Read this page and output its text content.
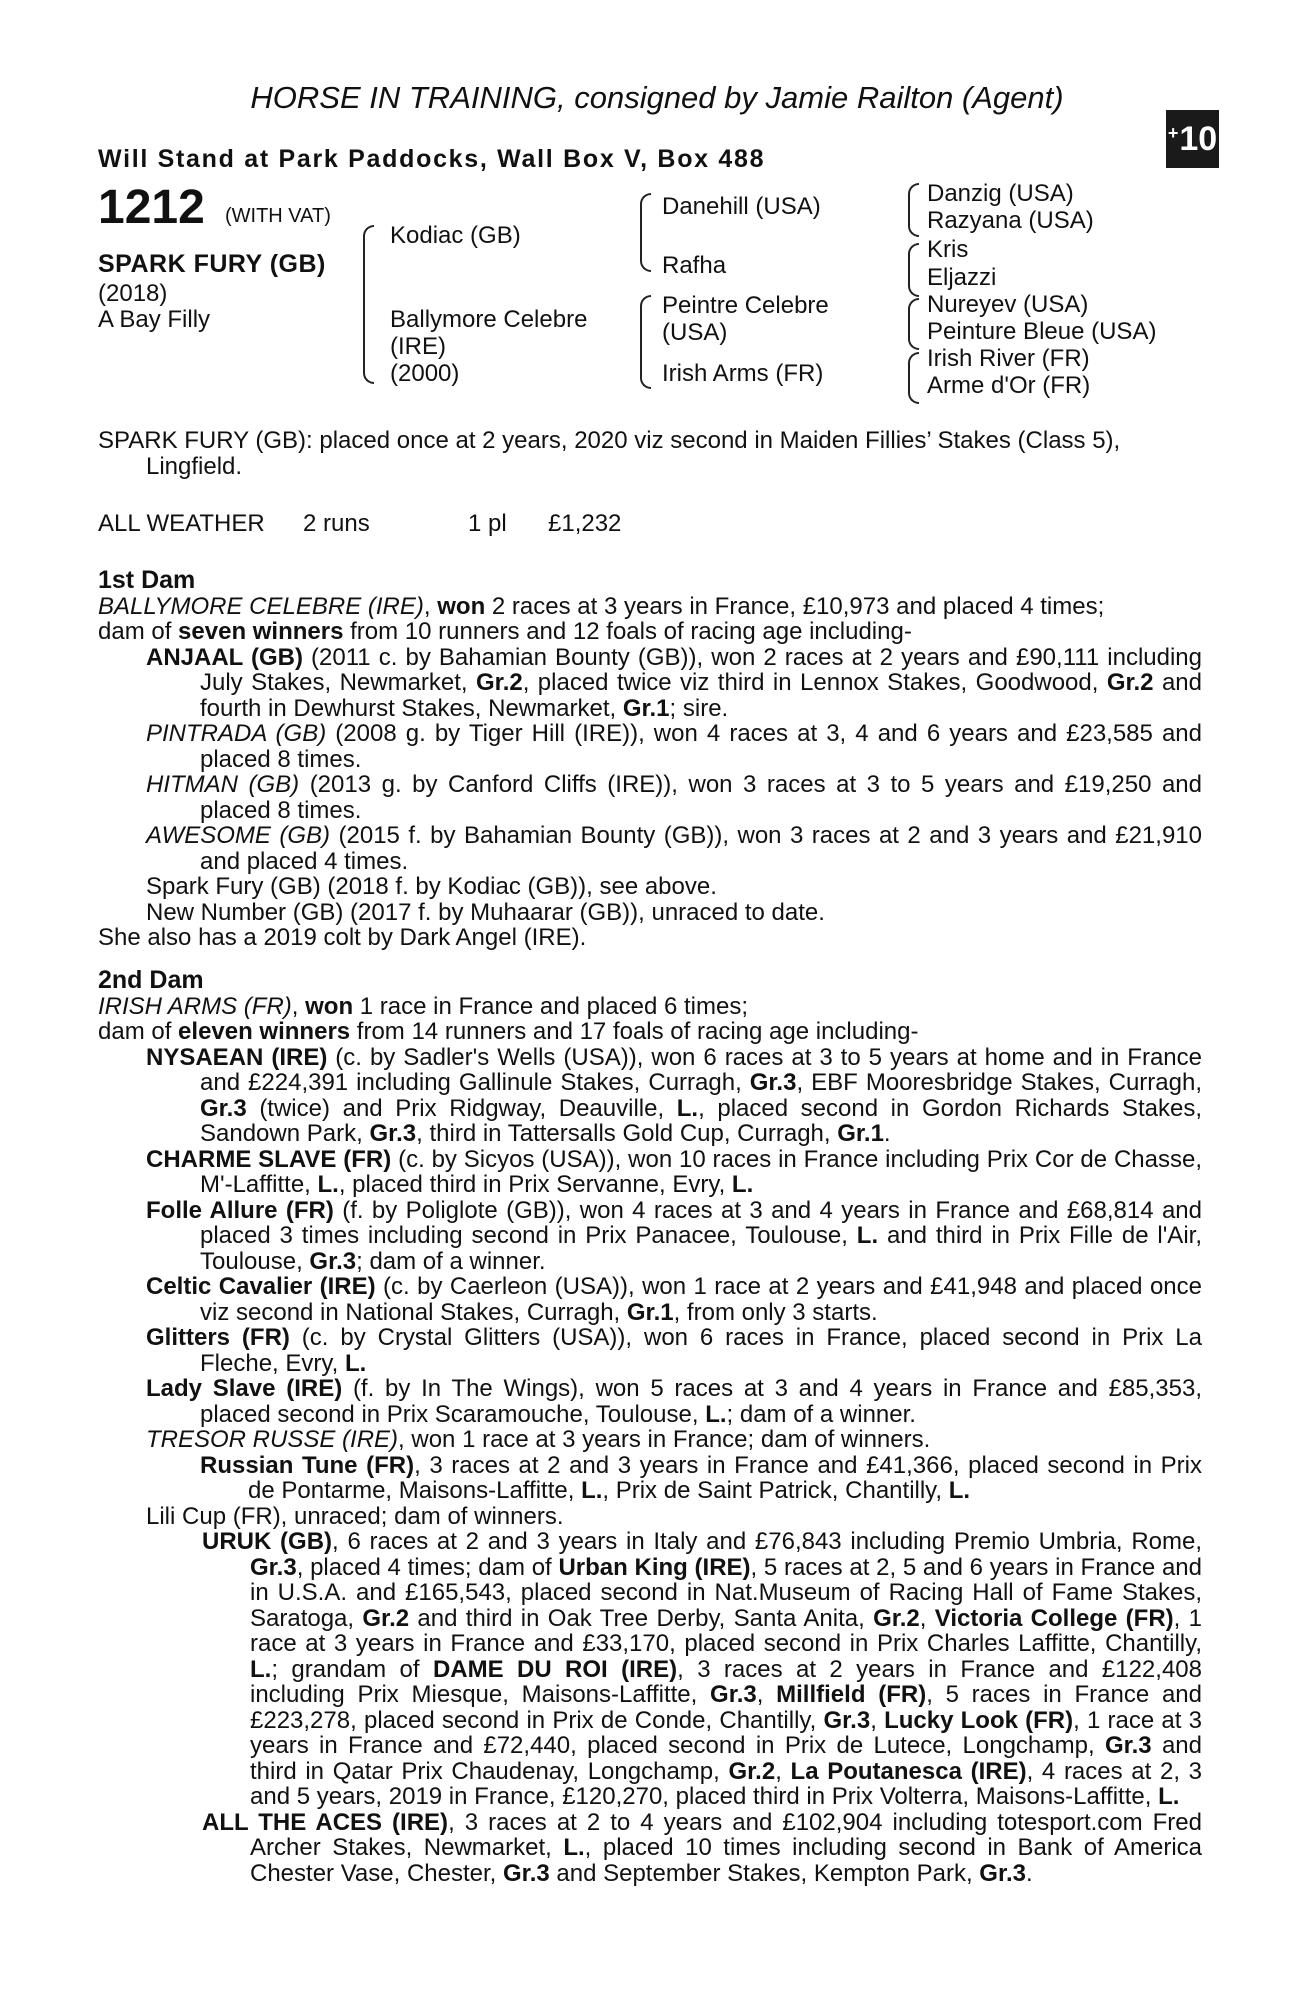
HORSE IN TRAINING, consigned by Jamie Railton (Agent)
+ 10
Will Stand at Park Paddocks, Wall Box V, Box 488
1212 (WITH VAT)
SPARK FURY (GB)
(2018)
A Bay Filly
Kodiac (GB)
Ballymore Celebre
(IRE)
(2000)
Danehill (USA)
Rafha
Peintre Celebre
(USA)
Irish Arms (FR)
Danzig (USA)
Razyana (USA)
Kris
Eljazzi
Nureyev (USA)
Peinture Bleue (USA)
Irish River (FR)
Arme d'Or (FR)
SPARK FURY (GB): placed once at 2 years, 2020 viz second in Maiden Fillies’ Stakes (Class 5),
Lingfield.
ALL WEATHER 2 runs	1 pl £1,232
1st Dam
BALLYMORE CELEBRE (IRE), won 2 races at 3 years in France, £10,973 and placed 4 times;
dam of seven winners from 10 runners and 12 foals of racing age including-
ANJAAL (GB) (2011 c. by Bahamian Bounty (GB)), won 2 races at 2 years and £90,111 including July Stakes, Newmarket, Gr.2, placed twice viz third in Lennox Stakes, Goodwood, Gr.2 and fourth in Dewhurst Stakes, Newmarket, Gr.1; sire.
PINTRADA (GB) (2008 g. by Tiger Hill (IRE)), won 4 races at 3, 4 and 6 years and £23,585 and placed 8 times.
HITMAN (GB) (2013 g. by Canford Cliffs (IRE)), won 3 races at 3 to 5 years and £19,250 and placed 8 times.
AWESOME (GB) (2015 f. by Bahamian Bounty (GB)), won 3 races at 2 and 3 years and £21,910 and placed 4 times.
Spark Fury (GB) (2018 f. by Kodiac (GB)), see above.
New Number (GB) (2017 f. by Muhaarar (GB)), unraced to date.
She also has a 2019 colt by Dark Angel (IRE).
2nd Dam
IRISH ARMS (FR), won 1 race in France and placed 6 times;
dam of eleven winners from 14 runners and 17 foals of racing age including-
NYSAEAN (IRE) (c. by Sadler's Wells (USA)), won 6 races at 3 to 5 years at home and in France and £224,391 including Gallinule Stakes, Curragh, Gr.3, EBF Mooresbridge Stakes, Curragh, Gr.3 (twice) and Prix Ridgway, Deauville, L., placed second in Gordon Richards Stakes, Sandown Park, Gr.3, third in Tattersalls Gold Cup, Curragh, Gr.1.
CHARME SLAVE (FR) (c. by Sicyos (USA)), won 10 races in France including Prix Cor de Chasse, M'-Laffitte, L., placed third in Prix Servanne, Evry, L.
Folle Allure (FR) (f. by Poliglote (GB)), won 4 races at 3 and 4 years in France and £68,814 and placed 3 times including second in Prix Panacee, Toulouse, L. and third in Prix Fille de l'Air, Toulouse, Gr.3; dam of a winner.
Celtic Cavalier (IRE) (c. by Caerleon (USA)), won 1 race at 2 years and £41,948 and placed once viz second in National Stakes, Curragh, Gr.1, from only 3 starts.
Glitters (FR) (c. by Crystal Glitters (USA)), won 6 races in France, placed second in Prix La Fleche, Evry, L.
Lady Slave (IRE) (f. by In The Wings), won 5 races at 3 and 4 years in France and £85,353, placed second in Prix Scaramouche, Toulouse, L.; dam of a winner.
TRESOR RUSSE (IRE), won 1 race at 3 years in France; dam of winners.
Russian Tune (FR), 3 races at 2 and 3 years in France and £41,366, placed second in Prix de Pontarme, Maisons-Laffitte, L., Prix de Saint Patrick, Chantilly, L.
Lili Cup (FR), unraced; dam of winners.
URUK (GB), 6 races at 2 and 3 years in Italy and £76,843 including Premio Umbria, Rome, Gr.3, placed 4 times; dam of Urban King (IRE), 5 races at 2, 5 and 6 years in France and in U.S.A. and £165,543, placed second in Nat.Museum of Racing Hall of Fame Stakes, Saratoga, Gr.2 and third in Oak Tree Derby, Santa Anita, Gr.2, Victoria College (FR), 1 race at 3 years in France and £33,170, placed second in Prix Charles Laffitte, Chantilly, L.; grandam of DAME DU ROI (IRE), 3 races at 2 years in France and £122,408 including Prix Miesque, Maisons-Laffitte, Gr.3, Millfield (FR), 5 races in France and £223,278, placed second in Prix de Conde, Chantilly, Gr.3, Lucky Look (FR), 1 race at 3 years in France and £72,440, placed second in Prix de Lutece, Longchamp, Gr.3 and third in Qatar Prix Chaudenay, Longchamp, Gr.2, La Poutanesca (IRE), 4 races at 2, 3 and 5 years, 2019 in France, £120,270, placed third in Prix Volterra, Maisons-Laffitte, L.
ALL THE ACES (IRE), 3 races at 2 to 4 years and £102,904 including totesport.com Fred Archer Stakes, Newmarket, L., placed 10 times including second in Bank of America Chester Vase, Chester, Gr.3 and September Stakes, Kempton Park, Gr.3.
